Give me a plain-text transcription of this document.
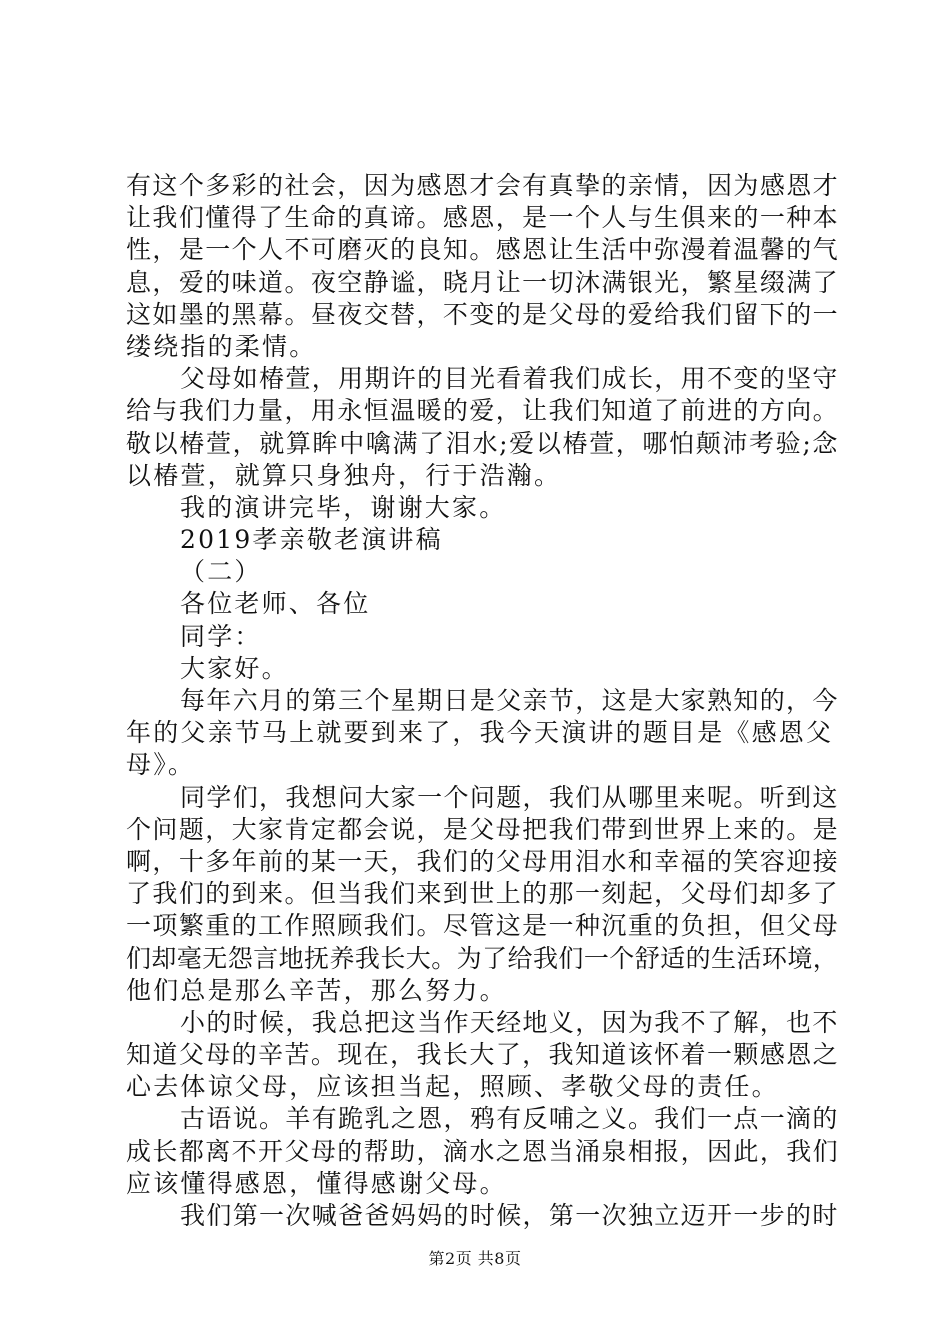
有这个多彩的社会，因为感恩才会有真挚的亲情，因为感恩才
让我们懂得了生命的真谛。感恩，是一个人与生俱来的一种本
性，是一个人不可磨灭的良知。感恩让生活中弥漫着温馨的气
息，爱的味道。夜空静谧，晓月让一切沐满银光，繁星缀满了
这如墨的黑幕。昼夜交替，不变的是父母的爱给我们留下的一
缕绕指的柔情。
父母如椿萱，用期许的目光看着我们成长，用不变的坚守
给与我们力量，用永恒温暖的爱，让我们知道了前进的方向。
敬以椿萱，就算眸中噙满了泪水;爱以椿萱，哪怕颠沛考验;念
以椿萱，就算只身独舟，行于浩瀚。
我的演讲完毕，谢谢大家。
2019孝亲敬老演讲稿
（二）
各位老师、各位
同学：
大家好。
每年六月的第三个星期日是父亲节，这是大家熟知的，今
年的父亲节马上就要到来了，我今天演讲的题目是《感恩父
母》。
同学们，我想问大家一个问题，我们从哪里来呢。听到这
个问题，大家肯定都会说，是父母把我们带到世界上来的。是
啊，十多年前的某一天，我们的父母用泪水和幸福的笑容迎接
了我们的到来。但当我们来到世上的那一刻起，父母们却多了
一项繁重的工作照顾我们。尽管这是一种沉重的负担，但父母
们却毫无怨言地抚养我长大。为了给我们一个舒适的生活环境，
他们总是那么辛苦，那么努力。
小的时候，我总把这当作天经地义，因为我不了解，也不
知道父母的辛苦。现在，我长大了，我知道该怀着一颗感恩之
心去体谅父母，应该担当起，照顾、孝敬父母的责任。
古语说。羊有跪乳之恩，鸦有反哺之义。我们一点一滴的
成长都离不开父母的帮助，滴水之恩当涌泉相报，因此，我们
应该懂得感恩，懂得感谢父母。
我们第一次喊爸爸妈妈的时候，第一次独立迈开一步的时
第2页 共8页
